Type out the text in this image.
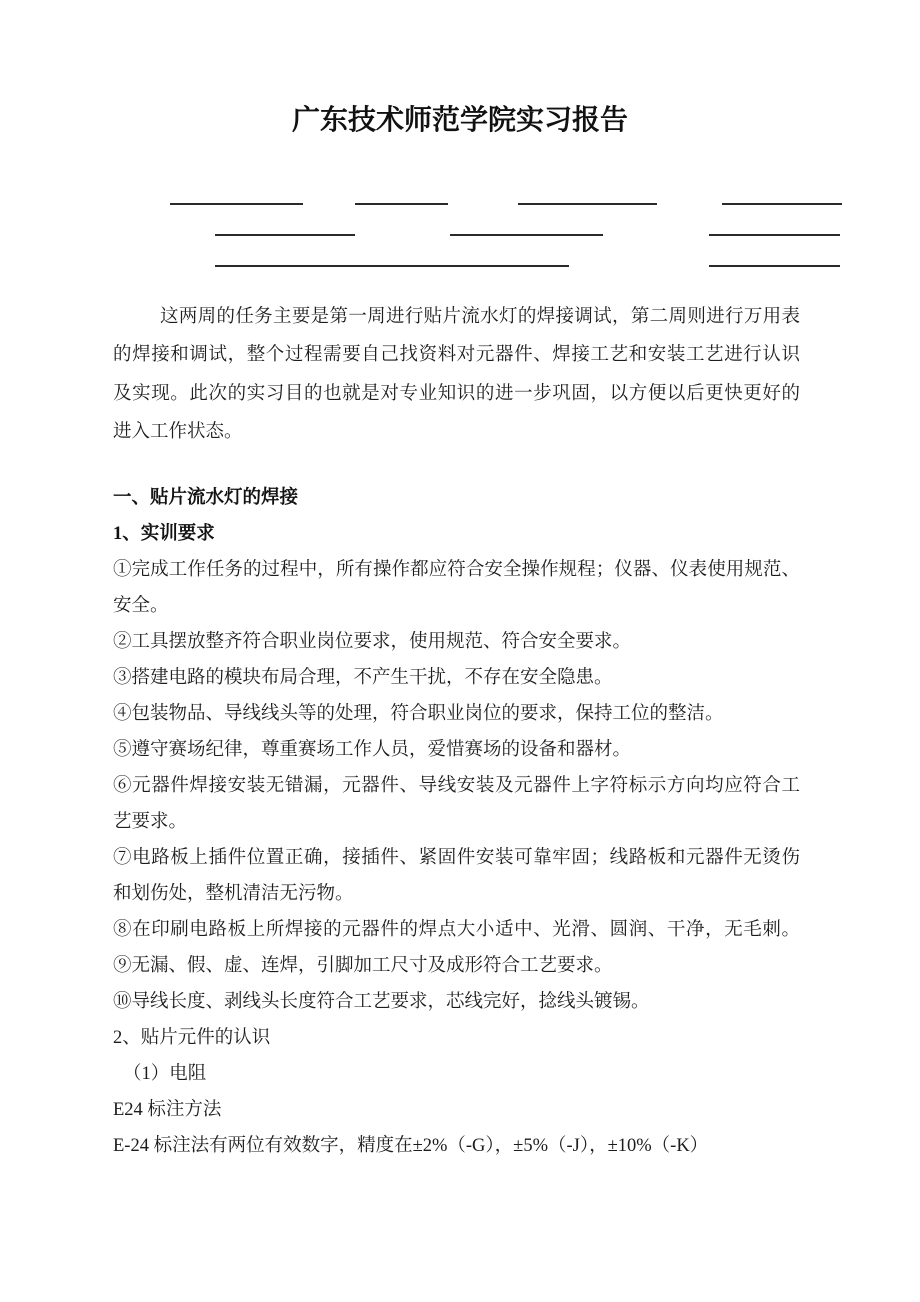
广东技术师范学院实习报告
这两周的任务主要是第一周进行贴片流水灯的焊接调试，第二周则进行万用表
的焊接和调试，整个过程需要自己找资料对元器件、焊接工艺和安装工艺进行认识
及实现。此次的实习目的也就是对专业知识的进一步巩固，以方便以后更快更好的
进入工作状态。
一、贴片流水灯的焊接
1、实训要求
①完成工作任务的过程中，所有操作都应符合安全操作规程；仪器、仪表使用规范、
安全。
②工具摆放整齐符合职业岗位要求，使用规范、符合安全要求。
③搭建电路的模块布局合理，不产生干扰，不存在安全隐患。
④包装物品、导线线头等的处理，符合职业岗位的要求，保持工位的整洁。
⑤遵守赛场纪律，尊重赛场工作人员，爱惜赛场的设备和器材。
⑥元器件焊接安装无错漏，元器件、导线安装及元器件上字符标示方向均应符合工
艺要求。
⑦电路板上插件位置正确，接插件、紧固件安装可靠牢固；线路板和元器件无烫伤
和划伤处，整机清洁无污物。
⑧在印刷电路板上所焊接的元器件的焊点大小适中、光滑、圆润、干净，无毛刺。
⑨无漏、假、虚、连焊，引脚加工尺寸及成形符合工艺要求。
⑩导线长度、剥线头长度符合工艺要求，芯线完好，捻线头镀锡。
2、贴片元件的认识
（1）电阻
E24 标注方法
E-24 标注法有两位有效数字，精度在±2%（-G），±5%（-J），±10%（-K）
